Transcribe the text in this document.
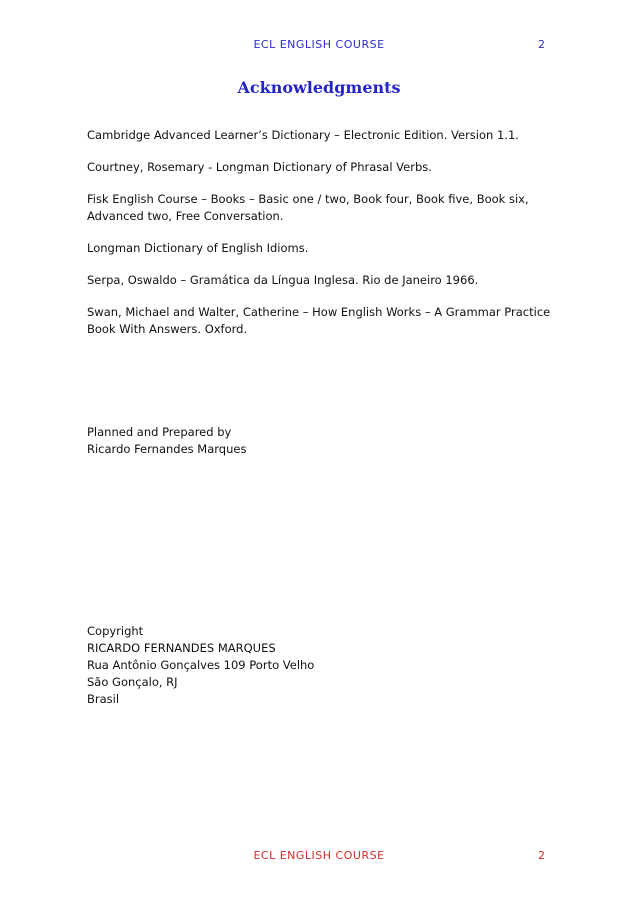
ECL ENGLISH COURSE	2
Acknowledgments

Cambridge Advanced Learner’s Dictionary – Electronic Edition. Version 1.1.

Courtney, Rosemary - Longman Dictionary of Phrasal Verbs.

Fisk English Course – Books – Basic one / two, Book four, Book five, Book six, Advanced two, Free Conversation.

Longman Dictionary of English Idioms.

Serpa, Oswaldo – Gramática da Língua Inglesa. Rio de Janeiro 1966.

Swan, Michael and Walter, Catherine – How English Works – A Grammar Practice Book With Answers. Oxford.

Planned and Prepared by
Ricardo Fernandes Marques
Copyright
RICARDO FERNANDES MARQUES
Rua Antônio Gonçalves 109 Porto Velho
São Gonçalo, RJ
Brasil
ECL ENGLISH COURSE	2
